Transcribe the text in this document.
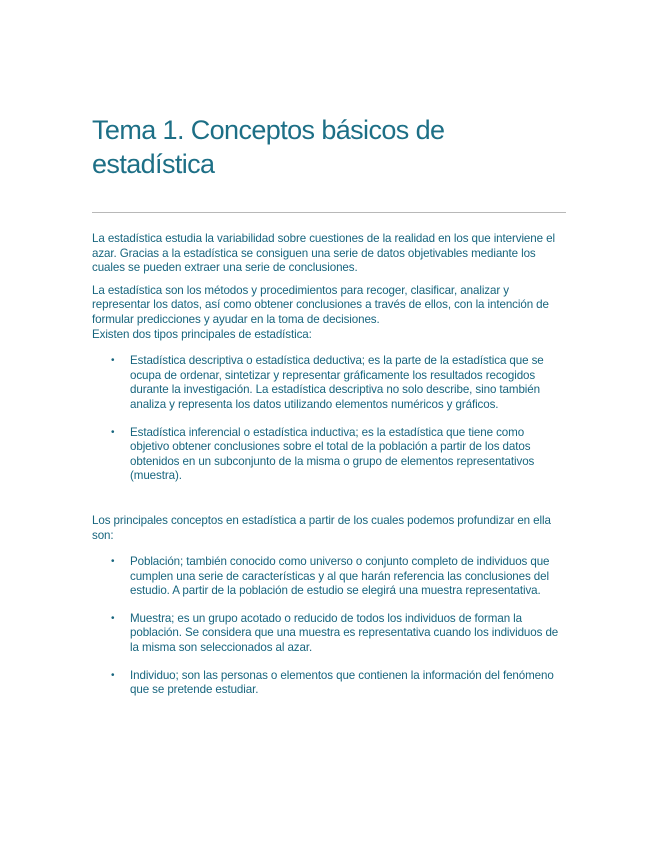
Tema 1. Conceptos básicos de estadística

La estadística estudia la variabilidad sobre cuestiones de la realidad en los que interviene el azar. Gracias a la estadística se consiguen una serie de datos objetivables mediante los cuales se pueden extraer una serie de conclusiones.

La estadística son los métodos y procedimientos para recoger, clasificar, analizar y representar los datos, así como obtener conclusiones a través de ellos, con la intención de formular predicciones y ayudar en la toma de decisiones.

Existen dos tipos principales de estadística:

• Estadística descriptiva o estadística deductiva; es la parte de la estadística que se ocupa de ordenar, sintetizar y representar gráficamente los resultados recogidos durante la investigación. La estadística descriptiva no solo describe, sino también analiza y representa los datos utilizando elementos numéricos y gráficos.
• Estadística inferencial o estadística inductiva; es la estadística que tiene como objetivo obtener conclusiones sobre el total de la población a partir de los datos obtenidos en un subconjunto de la misma o grupo de elementos representativos (muestra).

Los principales conceptos en estadística a partir de los cuales podemos profundizar en ella son:

• Población; también conocido como universo o conjunto completo de individuos que cumplen una serie de características y al que harán referencia las conclusiones del estudio. A partir de la población de estudio se elegirá una muestra representativa.
• Muestra; es un grupo acotado o reducido de todos los individuos de forman la población. Se considera que una muestra es representativa cuando los individuos de la misma son seleccionados al azar.
• Individuo; son las personas o elementos que contienen la información del fenómeno que se pretende estudiar.
